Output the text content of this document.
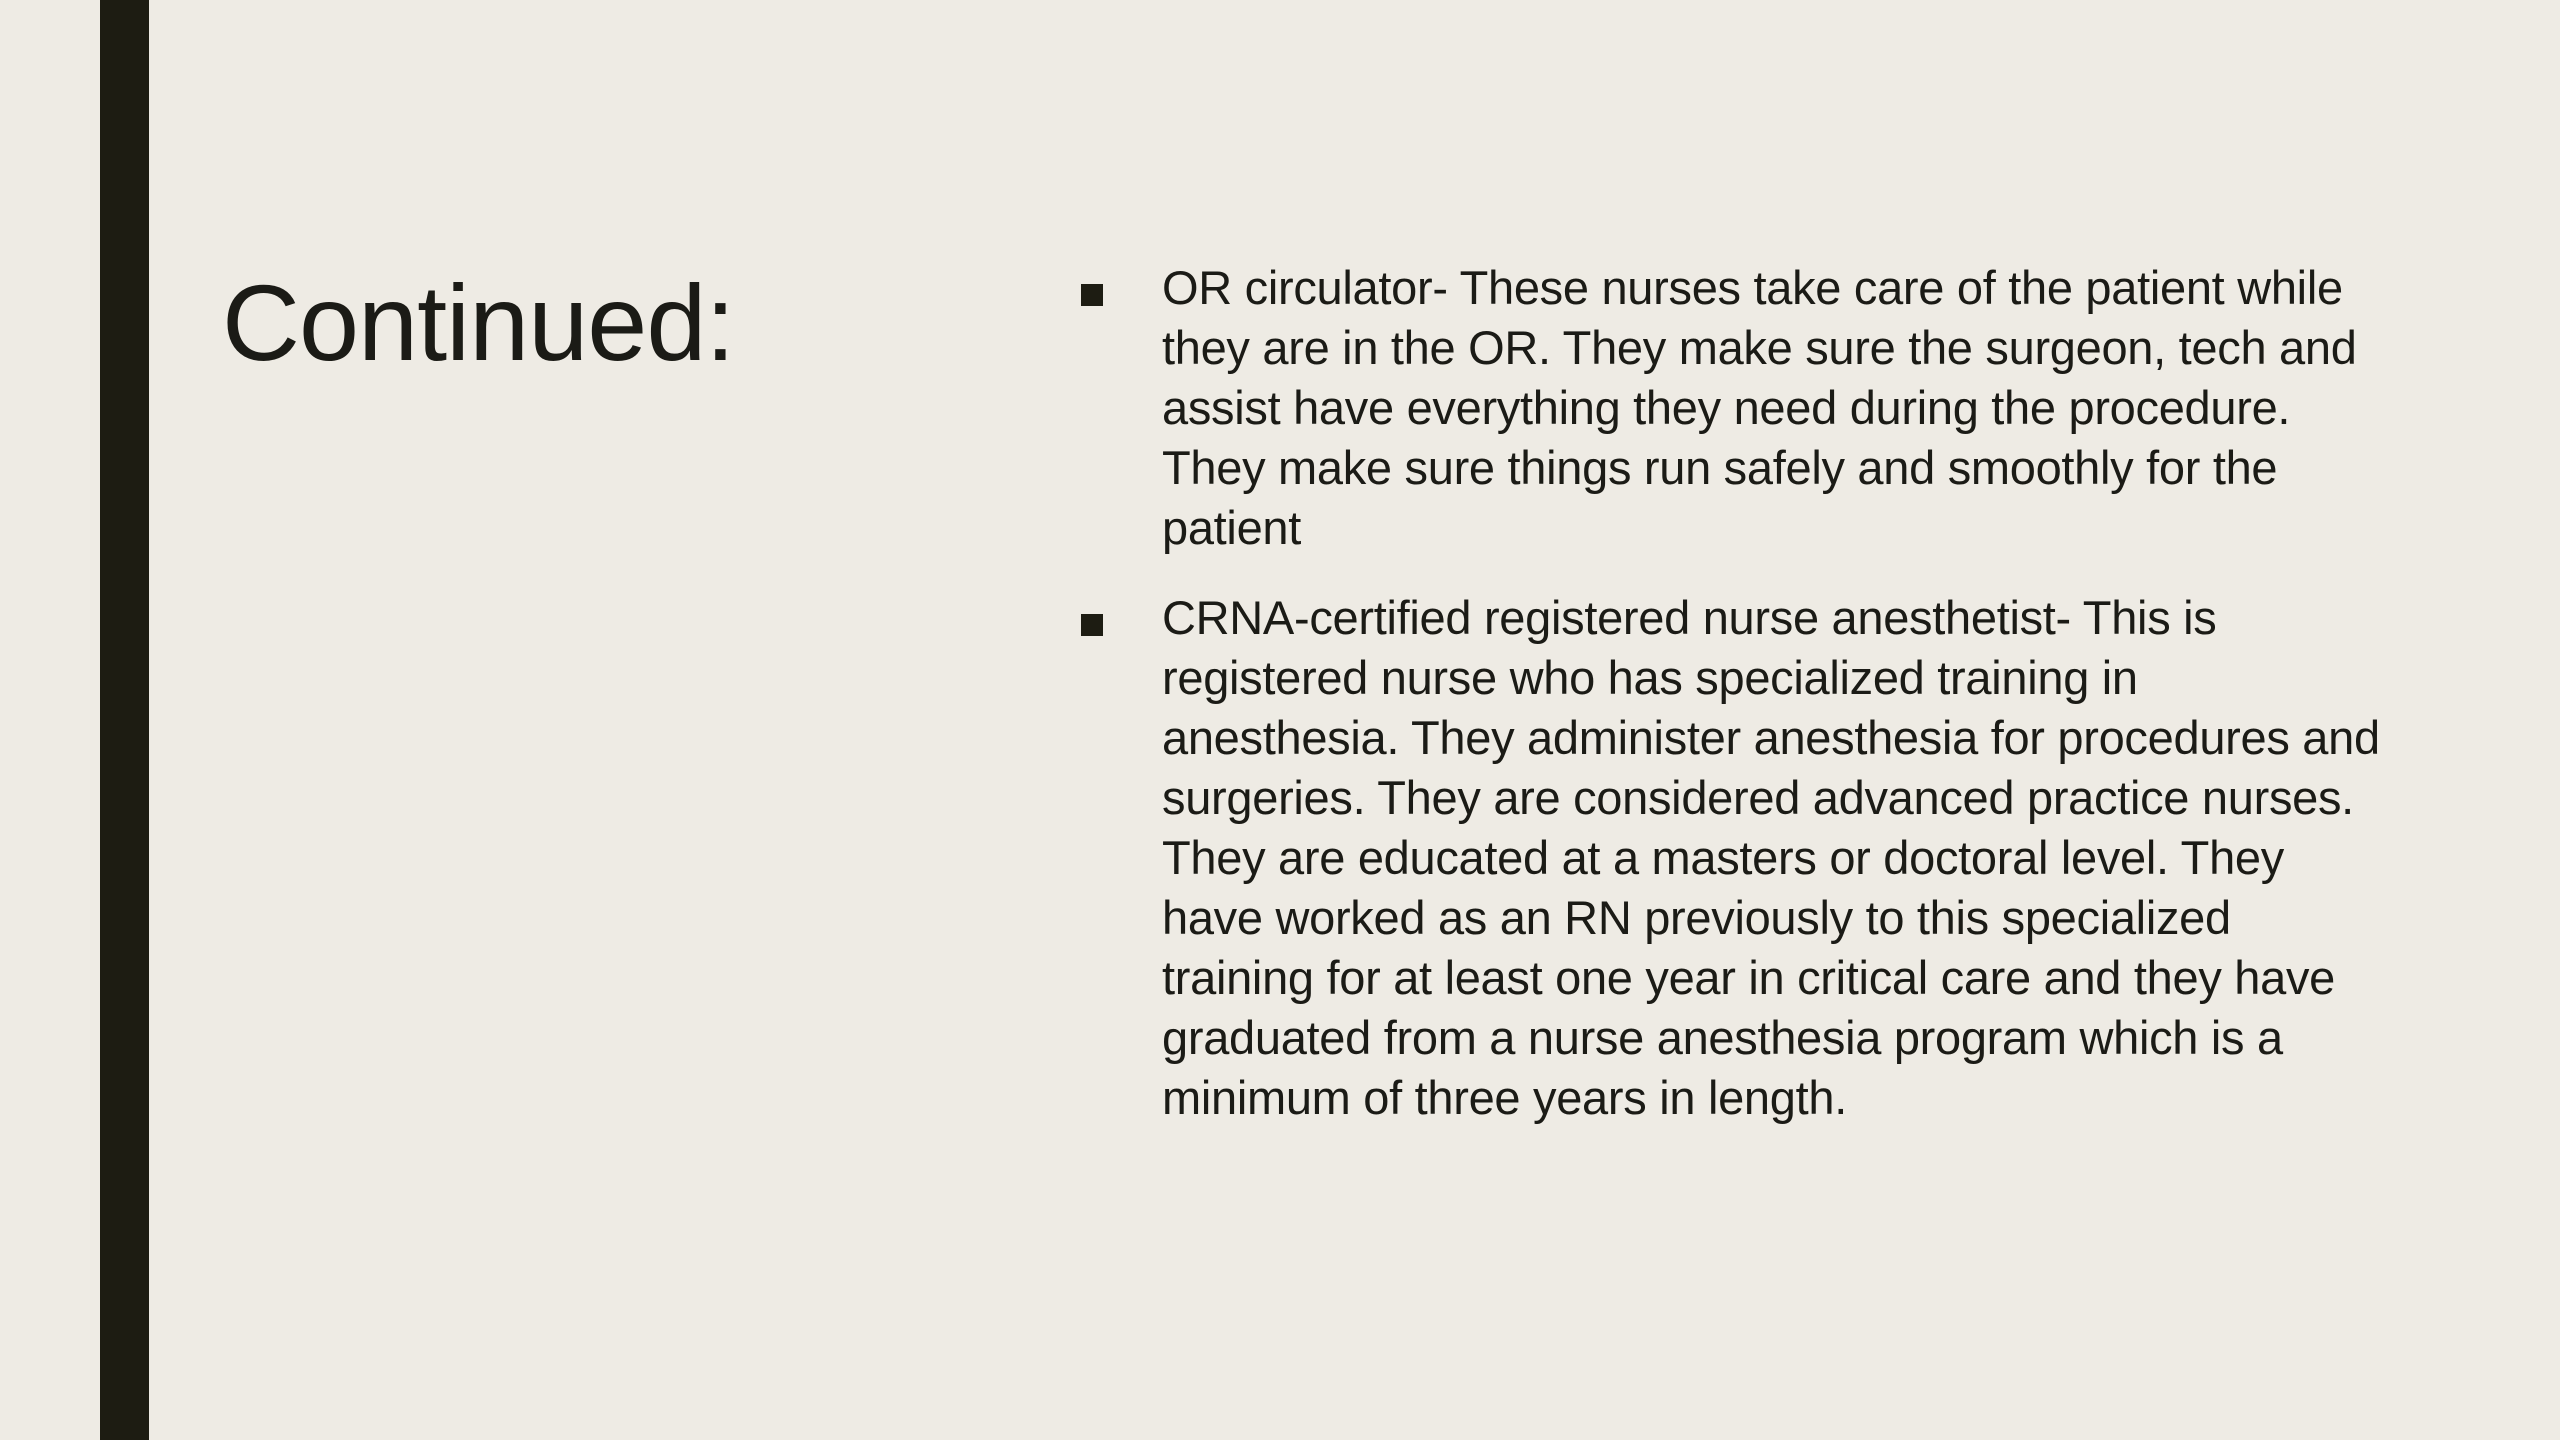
Continued:	OR circulator- These nurses take care of the patient while they are in the OR. They make sure the surgeon, tech and assist have everything they need during the procedure. They make sure things run safely and smoothly for the patient
CRNA-certified registered nurse anesthetist- This is registered nurse who has specialized training in anesthesia. They administer anesthesia for procedures and surgeries. They are considered advanced practice nurses. They are educated at a masters or doctoral level. They have worked as an RN previously to this specialized training for at least one year in critical care and they have graduated from a nurse anesthesia program which is a minimum of three years in length.
